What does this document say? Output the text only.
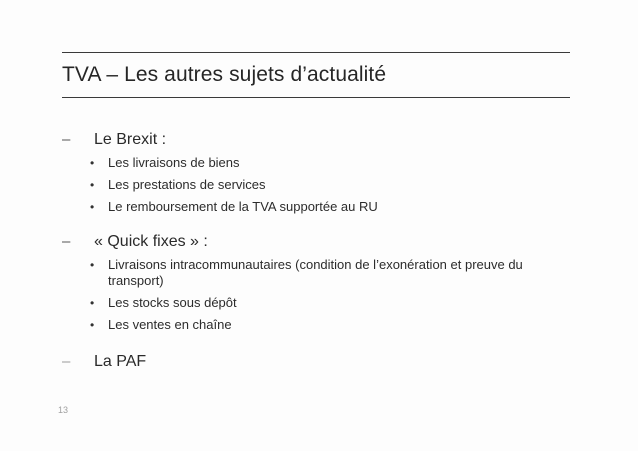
TVA – Les autres sujets d’actualité
–	Le Brexit :
• Les livraisons de biens
• Les prestations de services
• Le remboursement de la TVA supportée au RU
–	« Quick fixes » :
• Livraisons intracommunautaires (condition de l’exonération et preuve du transport)
• Les stocks sous dépôt
• Les ventes en chaîne
–	La PAF
13
